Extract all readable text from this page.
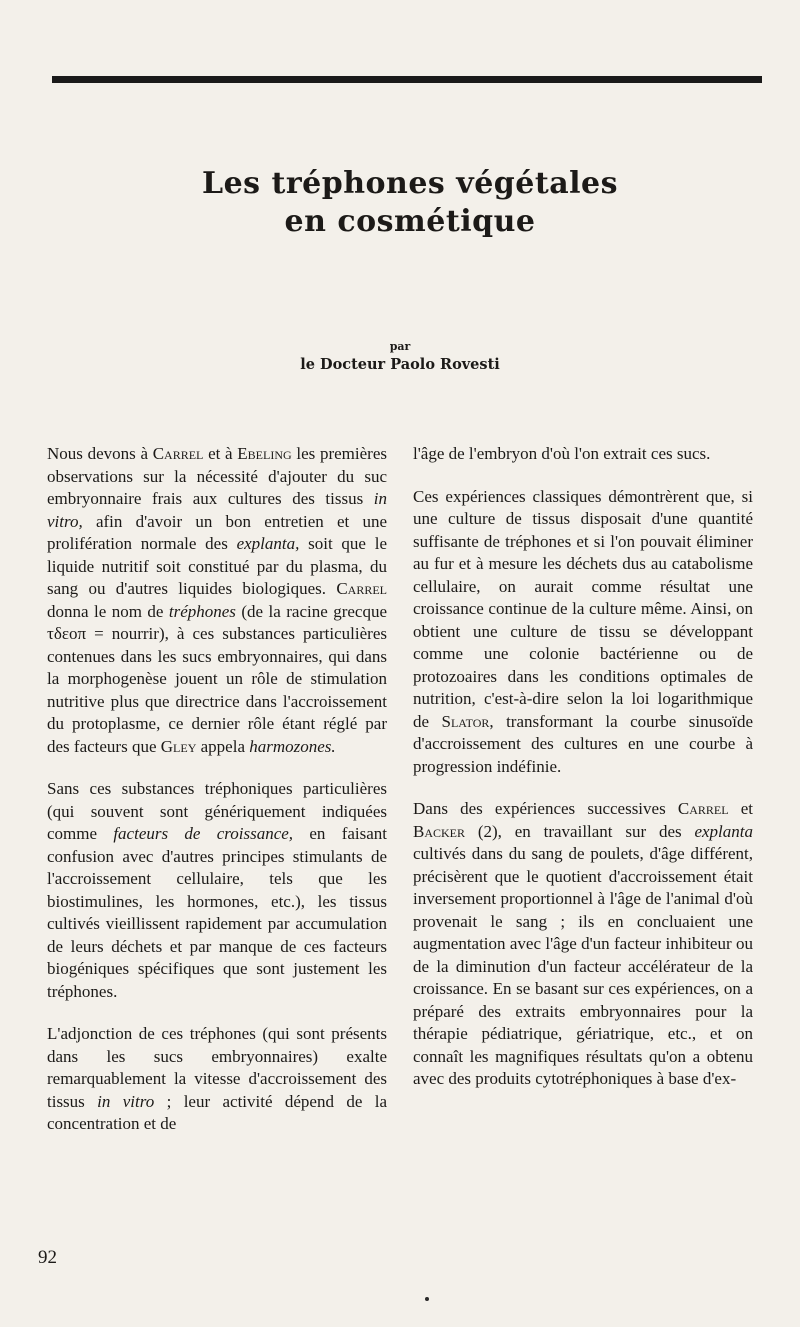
Les tréphones végétales
en cosmétique
par
le Docteur Paolo Rovesti

Nous devons à Carrel et à Ebeling les premières observations sur la nécessité d'ajouter du suc embryonnaire frais aux cultures des tissus in vitro, afin d'avoir un bon entretien et une prolifération normale des explanta, soit que le liquide nutritif soit constitué par du plasma, du sang ou d'autres liquides biologiques. Carrel donna le nom de tréphones (de la racine grecque τδεοπ = nourrir), à ces substances particulières contenues dans les sucs embryonnaires, qui dans la morphogenèse jouent un rôle de stimulation nutritive plus que directrice dans l'accroissement du protoplasme, ce dernier rôle étant réglé par des facteurs que Gley appela harmozones.

Sans ces substances tréphoniques particulières (qui souvent sont génériquement indiquées comme facteurs de croissance, en faisant confusion avec d'autres principes stimulants de l'accroissement cellulaire, tels que les biostimulines, les hormones, etc.), les tissus cultivés vieillissent rapidement par accumulation de leurs déchets et par manque de ces facteurs biogéniques spécifiques que sont justement les tréphones.

L'adjonction de ces tréphones (qui sont présents dans les sucs embryonnaires) exalte remarquablement la vitesse d'accroissement des tissus in vitro ; leur activité dépend de la concentration et de

l'âge de l'embryon d'où l'on extrait ces sucs.

Ces expériences classiques démontrèrent que, si une culture de tissus disposait d'une quantité suffisante de tréphones et si l'on pouvait éliminer au fur et à mesure les déchets dus au catabolisme cellulaire, on aurait comme résultat une croissance continue de la culture même. Ainsi, on obtient une culture de tissu se développant comme une colonie bactérienne ou de protozoaires dans les conditions optimales de nutrition, c'est-à-dire selon la loi logarithmique de Slator, transformant la courbe sinusoïde d'accroissement des cultures en une courbe à progression indéfinie.

Dans des expériences successives Carrel et Backer (2), en travaillant sur des explanta cultivés dans du sang de poulets, d'âge différent, précisèrent que le quotient d'accroissement était inversement proportionnel à l'âge de l'animal d'où provenait le sang ; ils en concluaient une augmentation avec l'âge d'un facteur inhibiteur ou de la diminution d'un facteur accélérateur de la croissance. En se basant sur ces expériences, on a préparé des extraits embryonnaires pour la thérapie pédiatrique, gériatrique, etc., et on connaît les magnifiques résultats qu'on a obtenu avec des produits cytotréphoniques à base d'ex-

92
